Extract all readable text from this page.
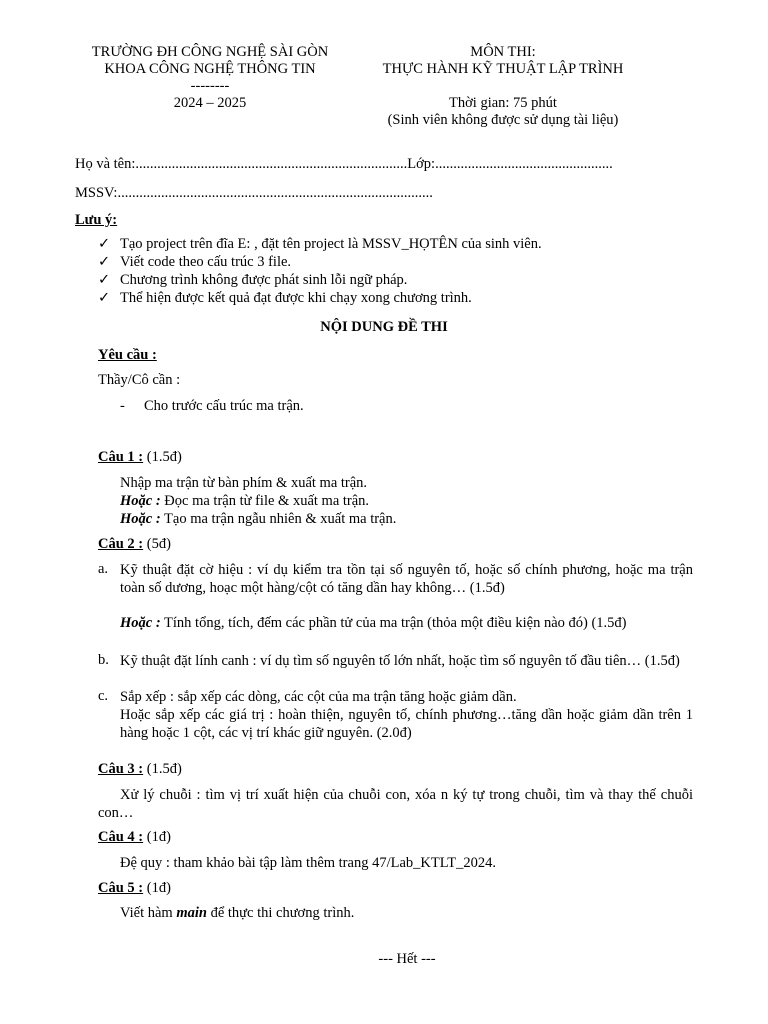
TRƯỜNG ĐH CÔNG NGHỆ SÀI GÒN
KHOA CÔNG NGHỆ THÔNG TIN
--------
2024 – 2025
MÔN THI:
THỰC HÀNH KỸ THUẬT LẬP TRÌNH
Thời gian: 75 phút
(Sinh viên không được sử dụng tài liệu)
Họ và tên:...........................................................................Lớp:.................................................
MSSV:.......................................................................................
Lưu ý:
✓ Tạo project trên đĩa E: , đặt tên project là MSSV_HỌTÊN của sinh viên.
✓ Viết code theo cấu trúc 3 file.
✓ Chương trình không được phát sinh lỗi ngữ pháp.
✓ Thể hiện được kết quả đạt được khi chạy xong chương trình.
NỘI DUNG ĐỀ THI
Yêu cầu :
Thầy/Cô cần :
- Cho trước cấu trúc ma trận.
Câu 1 : (1.5đ)
Nhập ma trận từ bàn phím & xuất ma trận.
Hoặc : Đọc ma trận từ file & xuất ma trận.
Hoặc : Tạo ma trận ngẫu nhiên & xuất ma trận.
Câu 2 : (5đ)
a. Kỹ thuật đặt cờ hiệu : ví dụ kiểm tra tồn tại số nguyên tố, hoặc số chính phương, hoặc ma trận toàn số dương, hoạc một hàng/cột có tăng dần hay không… (1.5đ)
Hoặc : Tính tổng, tích, đếm các phần tử của ma trận (thỏa một điều kiện nào đó) (1.5đ)
b. Kỹ thuật đặt lính canh : ví dụ tìm số nguyên tố lớn nhất, hoặc tìm số nguyên tố đầu tiên… (1.5đ)
c. Sắp xếp : sắp xếp các dòng, các cột của ma trận tăng hoặc giảm dần.
Hoặc sắp xếp các giá trị : hoàn thiện, nguyên tố, chính phương…tăng dần hoặc giảm dần trên 1 hàng hoặc 1 cột, các vị trí khác giữ nguyên. (2.0đ)
Câu 3 : (1.5đ)
Xử lý chuỗi : tìm vị trí xuất hiện của chuỗi con, xóa n ký tự trong chuỗi, tìm và thay thế chuỗi con…
Câu 4 : (1đ)
Đệ quy : tham khảo bài tập làm thêm trang 47/Lab_KTLT_2024.
Câu 5 : (1đ)
Viết hàm main để thực thi chương trình.
--- Hết ---
